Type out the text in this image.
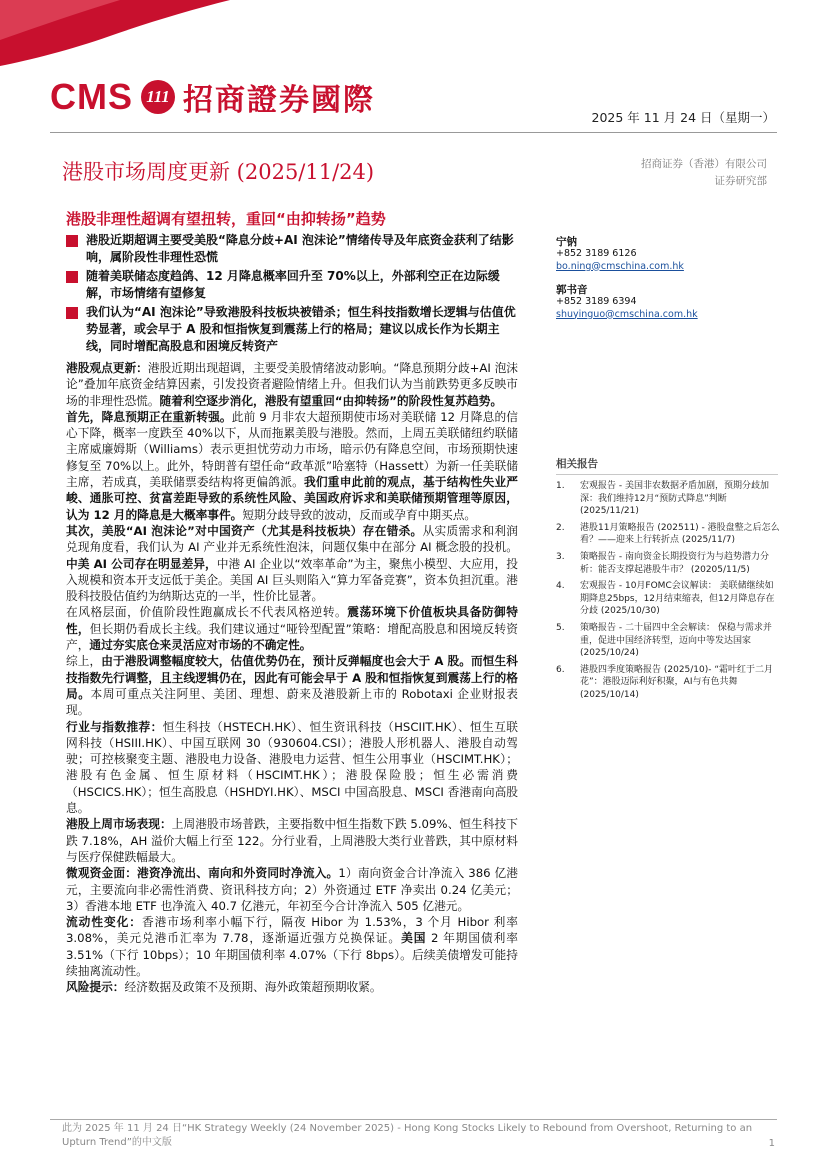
CMS 111 招商證券國際	2025 年 11 月 24 日（星期一）
港股市场周度更新 (2025/11/24)	招商证券（香港）有限公司
证券研究部
港股非理性超调有望扭转，重回“由抑转扬”趋势
港股近期超调主要受美股“降息分歧+AI 泡沫论”情绪传导及年底资金获利了结影响，属阶段性非理性恐慌
随着美联储态度趋鸽、12 月降息概率回升至 70%以上，外部利空正在边际缓解，市场情绪有望修复
我们认为“AI 泡沫论”导致港股科技板块被错杀；恒生科技指数增长逻辑与估值优势显著，或会早于 A 股和恒指恢复到震荡上行的格局；建议以成长作为长期主线，同时增配高股息和困境反转资产

港股观点更新：港股近期出现超调，主要受美股情绪波动影响。“降息预期分歧+AI 泡沫论”叠加年底资金结算因素，引发投资者避险情绪上升。但我们认为当前跌势更多反映市场的非理性恐慌。随着利空逐步消化，港股有望重回“由抑转扬”的阶段性复苏趋势。

首先，降息预期正在重新转强。此前 9 月非农大超预期使市场对美联储 12 月降息的信心下降，概率一度跌至 40%以下，从而拖累美股与港股。然而，上周五美联储纽约联储主席威廉姆斯（Williams）表示更担忧劳动力市场，暗示仍有降息空间，市场预期快速修复至 70%以上。此外，特朗普有望任命“政革派”哈塞特（Hassett）为新一任美联储主席，若成真，美联储票委结构将更偏鸽派。我们重申此前的观点，基于结构性失业严峻、通胀可控、贫富差距导致的系统性风险、美国政府诉求和美联储预期管理等原因，认为 12 月的降息是大概率事件。短期分歧导致的波动，反而或孕育中期买点。

其次，美股“AI 泡沫论”对中国资产（尤其是科技板块）存在错杀。从实质需求和利润兑现角度看，我们认为 AI 产业并无系统性泡沫，问题仅集中在部分 AI 概念股的投机。中美 AI 公司存在明显差异，中港 AI 企业以“效率革命”为主，聚焦小模型、大应用，投入规模和资本开支远低于美企。美国 AI 巨头则陷入“算力军备竞赛”，资本负担沉重。港股科技股估值约为纳斯达克的一半，性价比显著。

在风格层面，价值阶段性跑赢成长不代表风格逆转。震荡环境下价值板块具备防御特性，但长期仍看成长主线。我们建议通过“哑铃型配置”策略：增配高股息和困境反转资产，通过夯实底仓来灵活应对市场的不确定性。

综上，由于港股调整幅度较大，估值优势仍在，预计反弹幅度也会大于 A 股。而恒生科技指数先行调整，且主线逻辑仍在，因此有可能会早于 A 股和恒指恢复到震荡上行的格局。本周可重点关注阿里、美团、理想、蔚来及港股新上市的 Robotaxi 企业财报表现。

行业与指数推荐：恒生科技（HSTECH.HK）、恒生资讯科技（HSCIIT.HK）、恒生互联网科技（HSIII.HK）、中国互联网 30（930604.CSI）；港股人形机器人、港股自动驾驶；可控核聚变主题、港股电力设备、港股电力运营、恒生公用事业（HSCIMT.HK）；港股有色金属、恒生原材料（HSCIMT.HK）；港股保险股；恒生必需消费（HSCICS.HK）；恒生高股息（HSHDYI.HK）、MSCI 中国高股息、MSCI 香港南向高股息。

港股上周市场表现：上周港股市场普跌，主要指数中恒生指数下跌 5.09%、恒生科技下跌 7.18%，AH 溢价大幅上行至 122。分行业看，上周港股大类行业普跌，其中原材料与医疗保健跌幅最大。

微观资金面：港资净流出、南向和外资同时净流入。1）南向资金合计净流入 386 亿港元，主要流向非必需性消费、资讯科技方向；2）外资通过 ETF 净卖出 0.24 亿美元；3）香港本地 ETF 也净流入 40.7 亿港元，年初至今合计净流入 505 亿港元。

流动性变化：香港市场利率小幅下行，隔夜 Hibor 为 1.53%，3 个月 Hibor 利率 3.08%，美元兑港币汇率为 7.78，逐渐逼近强方兑换保证。美国 2 年期国债利率 3.51%（下行 10bps）；10 年期国债利率 4.07%（下行 8bps）。后续美债增发可能持续抽离流动性。

风险提示：经济数据及政策不及预期、海外政策超预期收紧。

宁钠
+852 3189 6126
bo.ning@cmschina.com.hk
郭书音
+852 3189 6394
shuyinguo@cmschina.com.hk
相关报告
1.	宏观报告 - 美国非农数据矛盾加剧，预期分歧加深：我们维持12月“预防式降息”判断 (2025/11/21)
2.	港股11月策略报告 (202511) - 港股盘整之后怎么看？——迎来上行转折点 (2025/11/7)
3.	策略报告 - 南向资金长期投资行为与趋势潜力分析：能否支撑起港股牛市？ (20205/11/5)
4.	宏观报告 - 10月FOMC会议解读： 美联储继续如期降息25bps，12月结束缩表，但12月降息存在分歧 (2025/10/30)
5.	策略报告 - 二十届四中全会解读： 保稳与需求并重，促进中国经济转型，迈向中等发达国家 (2025/10/24)
6.	港股四季度策略报告 (2025/10)- “霜叶红于二月花”：港股迈际利好积聚，AI与有色共舞 (2025/10/14)
此为 2025 年 11 月 24 日“HK Strategy Weekly (24 November 2025) - Hong Kong Stocks Likely to Rebound from Overshoot, Returning to an Upturn Trend”的中文版	1
